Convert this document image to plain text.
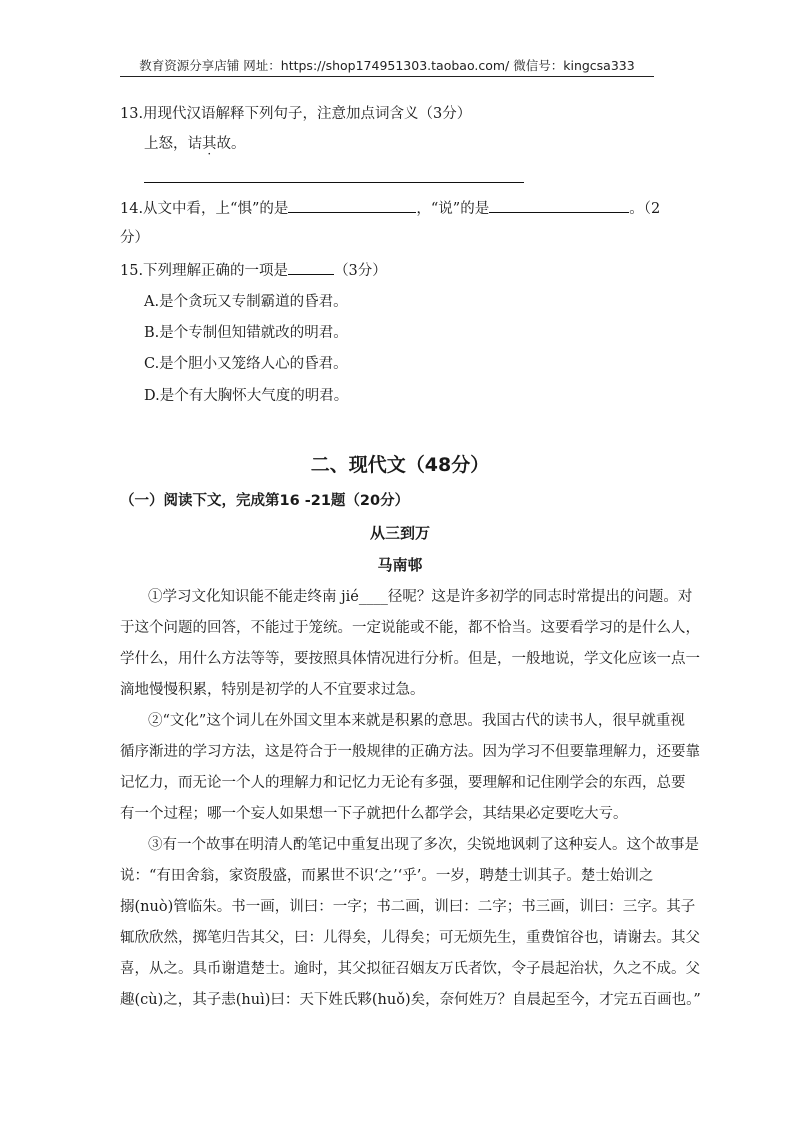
教育资源分享店铺 网址：https://shop174951303.taobao.com/ 微信号：kingcsa333
13.用现代汉语解释下列句子，注意加点词含义（3分）
上怒，诘其故。
14.从文中看，上“惧”的是	，“说”的是	。（2
分）
15.下列理解正确的一项是	（3分）
A.是个贪玩又专制霸道的昏君。
B.是个专制但知错就改的明君。
C.是个胆小又笼络人心的昏君。
D.是个有大胸怀大气度的明君。
二、现代文（48分）
（一）阅读下文，完成第16 -21题（20分）
从三到万
马南邨

①学习文化知识能不能走终南 jié____径呢？这是许多初学的同志时常提出的问题。对

于这个问题的回答，不能过于笼统。一定说能或不能，都不恰当。这要看学习的是什么人，

学什么，用什么方法等等，要按照具体情况进行分析。但是，一般地说，学文化应该一点一

滴地慢慢积累，特别是初学的人不宜要求过急。

②“文化”这个词儿在外国文里本来就是积累的意思。我国古代的读书人，很早就重视

循序渐进的学习方法，这是符合于一般规律的正确方法。因为学习不但要靠理解力，还要靠

记忆力，而无论一个人的理解力和记忆力无论有多强，要理解和记住刚学会的东西，总要

有一个过程；哪一个妄人如果想一下子就把什么都学会，其结果必定要吃大亏。

③有一个故事在明清人酌笔记中重复出现了多次，尖锐地讽刺了这种妄人。这个故事是

说：“有田舍翁，家资殷盛，而累世不识‘之’‘乎’。一岁，聘楚士训其子。楚士始训之

搦(nuò)管临朱。书一画，训曰：一字；书二画，训曰：二字；书三画，训曰：三字。其子

辄欣欣然，掷笔归告其父，曰：儿得矣，儿得矣；可无烦先生，重费馆谷也，请谢去。其父

喜，从之。具币谢遣楚士。逾时，其父拟征召姻友万氏者饮，令子晨起治状，久之不成。父

趣(cù)之，其子恚(huì)曰：天下姓氏夥(huǒ)矣，奈何姓万？自晨起至今，才完五百画也。”
